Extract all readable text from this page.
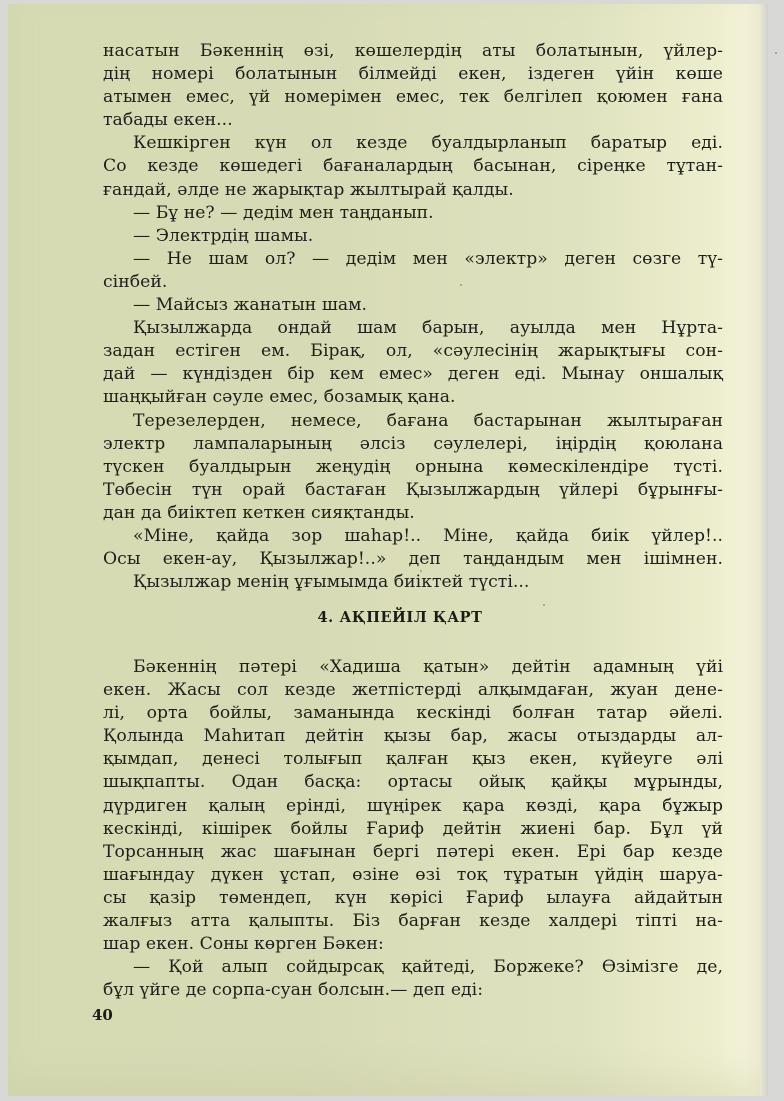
насатын Бәкеннің өзі, көшелердің аты болатынын, үйлер-
дің номері болатынын білмейді екен, іздеген үйін көше
атымен емес, үй номерімен емес, тек белгілеп қоюмен ғана
табады екен...
Кешкірген күн ол кезде буалдырланып баратыр еді.
Со кезде көшедегі бағаналардың басынан, сіреңке тұтан-
ғандай, әлде не жарықтар жылтырай қалды.
— Бұ не? — дедім мен таңданып.
— Электрдің шамы.
— Не шам ол? — дедім мен «электр» деген сөзге тү-
сінбей.
— Майсыз жанатын шам.
Қызылжарда ондай шам барын, ауылда мен Нұрта-
задан естіген ем. Бірақ, ол, «сәулесінің жарықтығы сон-
дай — күндізден бір кем емес» деген еді. Мынау оншалық
шаңқыйған сәуле емес, бозамық қана.
Терезелерден, немесе, бағана бастарынан жылтыраған
электр лампаларының әлсіз сәулелері, іңірдің қоюлана
түскен буалдырын жеңудің орнына көмескілендіре түсті.
Төбесін түн орай бастаған Қызылжардың үйлері бұрынғы-
дан да биіктеп кеткен сияқтанды.
«Міне, қайда зор шаһар!.. Міне, қайда биік үйлер!..
Осы екен-ау, Қызылжар!..» деп таңдандым мен ішімнен.
Қызылжар менің ұғымымда биіктей түсті...
4. АҚПЕЙІЛ ҚАРТ
Бәкеннің пәтері «Хадиша қатын» дейтін адамның үйі
екен. Жасы сол кезде жетпістерді алқымдаған, жуан дене-
лі, орта бойлы, заманында кескінді болған татар әйелі.
Қолында Маһитап дейтін қызы бар, жасы отыздарды ал-
қымдап, денесі толығып қалған қыз екен, күйеуге әлі
шықпапты. Одан басқа: ортасы ойық қайқы мұрынды,
дүрдиген қалың ерінді, шүңірек қара көзді, қара бұжыр
кескінді, кішірек бойлы Ғариф дейтін жиені бар. Бұл үй
Торсанның жас шағынан бергі пәтері екен. Ері бар кезде
шағындау дүкен ұстап, өзіне өзі тоқ тұратын үйдің шаруа-
сы қазір төмендеп, күн көрісі Ғариф ылауға айдайтын
жалғыз атта қалыпты. Біз барған кезде халдері тіпті на-
шар екен. Соны көрген Бәкен:
— Қой алып сойдырсақ қайтеді, Боржеке? Өзімізге де,
бұл үйге де сорпа-суан болсын.— деп еді:
40
